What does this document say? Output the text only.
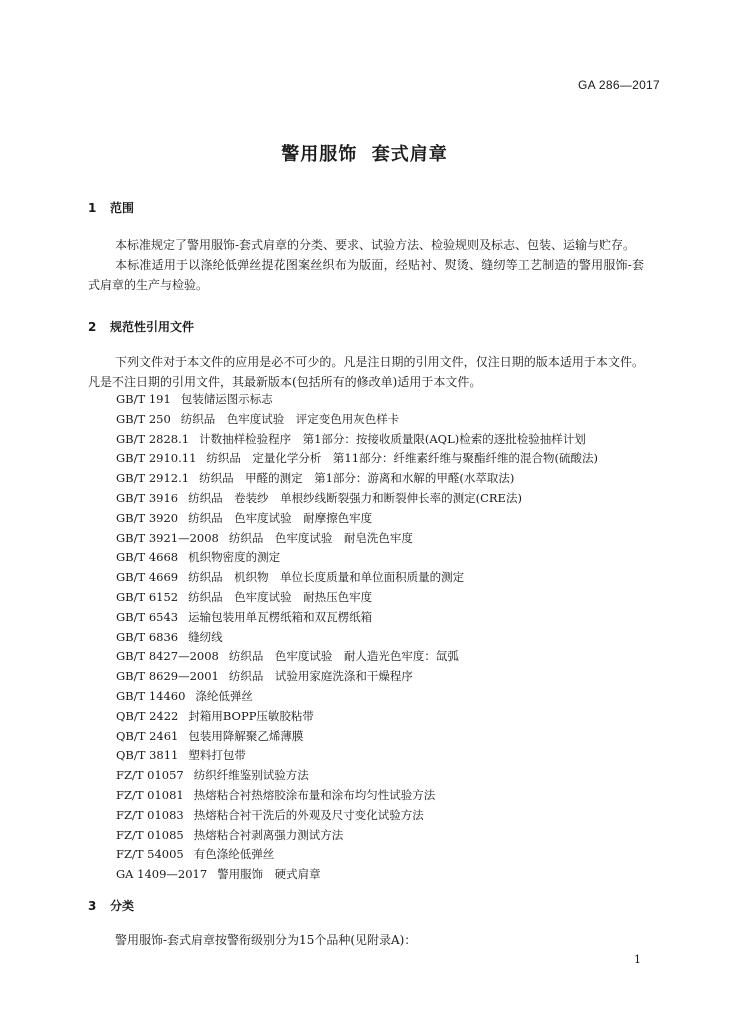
GA 286—2017
警用服饰  套式肩章
1 范围

本标准规定了警用服饰-套式肩章的分类、要求、试验方法、检验规则及标志、包装、运输与贮存。

本标准适用于以涤纶低弹丝提花图案丝织布为版面，经贴衬、熨烫、缝纫等工艺制造的警用服饰-套式肩章的生产与检验。

2 规范性引用文件

下列文件对于本文件的应用是必不可少的。凡是注日期的引用文件，仅注日期的版本适用于本文件。凡是不注日期的引用文件，其最新版本(包括所有的修改单)适用于本文件。

GB/T 191 包装储运图示标志
GB/T 250 纺织品　色牢度试验　评定变色用灰色样卡
GB/T 2828.1 计数抽样检验程序　第1部分：按接收质量限(AQL)检索的逐批检验抽样计划
GB/T 2910.11 纺织品　定量化学分析　第11部分：纤维素纤维与聚酯纤维的混合物(硫酸法)
GB/T 2912.1 纺织品　甲醛的测定　第1部分：游离和水解的甲醛(水萃取法)
GB/T 3916 纺织品　卷装纱　单根纱线断裂强力和断裂伸长率的测定(CRE法)
GB/T 3920 纺织品　色牢度试验　耐摩擦色牢度
GB/T 3921—2008 纺织品　色牢度试验　耐皂洗色牢度
GB/T 4668 机织物密度的测定
GB/T 4669 纺织品　机织物　单位长度质量和单位面积质量的测定
GB/T 6152 纺织品　色牢度试验　耐热压色牢度
GB/T 6543 运输包装用单瓦楞纸箱和双瓦楞纸箱
GB/T 6836 缝纫线
GB/T 8427—2008 纺织品　色牢度试验　耐人造光色牢度：氙弧
GB/T 8629—2001 纺织品　试验用家庭洗涤和干燥程序
GB/T 14460 涤纶低弹丝
QB/T 2422 封箱用BOPP压敏胶粘带
QB/T 2461 包装用降解聚乙烯薄膜
QB/T 3811 塑料打包带
FZ/T 01057 纺织纤维鉴别试验方法
FZ/T 01081 热熔粘合衬热熔胶涂布量和涂布均匀性试验方法
FZ/T 01083 热熔粘合衬干洗后的外观及尺寸变化试验方法
FZ/T 01085 热熔粘合衬剥离强力测试方法
FZ/T 54005 有色涤纶低弹丝
GA 1409—2017 警用服饰　硬式肩章
3 分类

警用服饰-套式肩章按警衔级别分为15个品种(见附录A)：

1
